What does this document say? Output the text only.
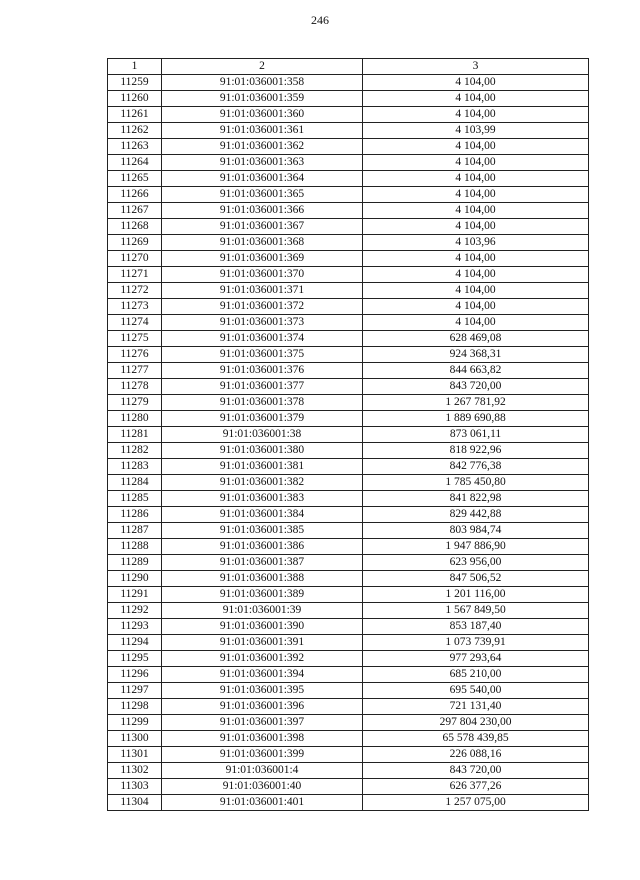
246
1	2	3
11259	91:01:036001:358	4 104,00
11260	91:01:036001:359	4 104,00
11261	91:01:036001:360	4 104,00
11262	91:01:036001:361	4 103,99
11263	91:01:036001:362	4 104,00
11264	91:01:036001:363	4 104,00
11265	91:01:036001:364	4 104,00
11266	91:01:036001:365	4 104,00
11267	91:01:036001:366	4 104,00
11268	91:01:036001:367	4 104,00
11269	91:01:036001:368	4 103,96
11270	91:01:036001:369	4 104,00
11271	91:01:036001:370	4 104,00
11272	91:01:036001:371	4 104,00
11273	91:01:036001:372	4 104,00
11274	91:01:036001:373	4 104,00
11275	91:01:036001:374	628 469,08
11276	91:01:036001:375	924 368,31
11277	91:01:036001:376	844 663,82
11278	91:01:036001:377	843 720,00
11279	91:01:036001:378	1 267 781,92
11280	91:01:036001:379	1 889 690,88
11281	91:01:036001:38	873 061,11
11282	91:01:036001:380	818 922,96
11283	91:01:036001:381	842 776,38
11284	91:01:036001:382	1 785 450,80
11285	91:01:036001:383	841 822,98
11286	91:01:036001:384	829 442,88
11287	91:01:036001:385	803 984,74
11288	91:01:036001:386	1 947 886,90
11289	91:01:036001:387	623 956,00
11290	91:01:036001:388	847 506,52
11291	91:01:036001:389	1 201 116,00
11292	91:01:036001:39	1 567 849,50
11293	91:01:036001:390	853 187,40
11294	91:01:036001:391	1 073 739,91
11295	91:01:036001:392	977 293,64
11296	91:01:036001:394	685 210,00
11297	91:01:036001:395	695 540,00
11298	91:01:036001:396	721 131,40
11299	91:01:036001:397	297 804 230,00
11300	91:01:036001:398	65 578 439,85
11301	91:01:036001:399	226 088,16
11302	91:01:036001:4	843 720,00
11303	91:01:036001:40	626 377,26
11304	91:01:036001:401	1 257 075,00
